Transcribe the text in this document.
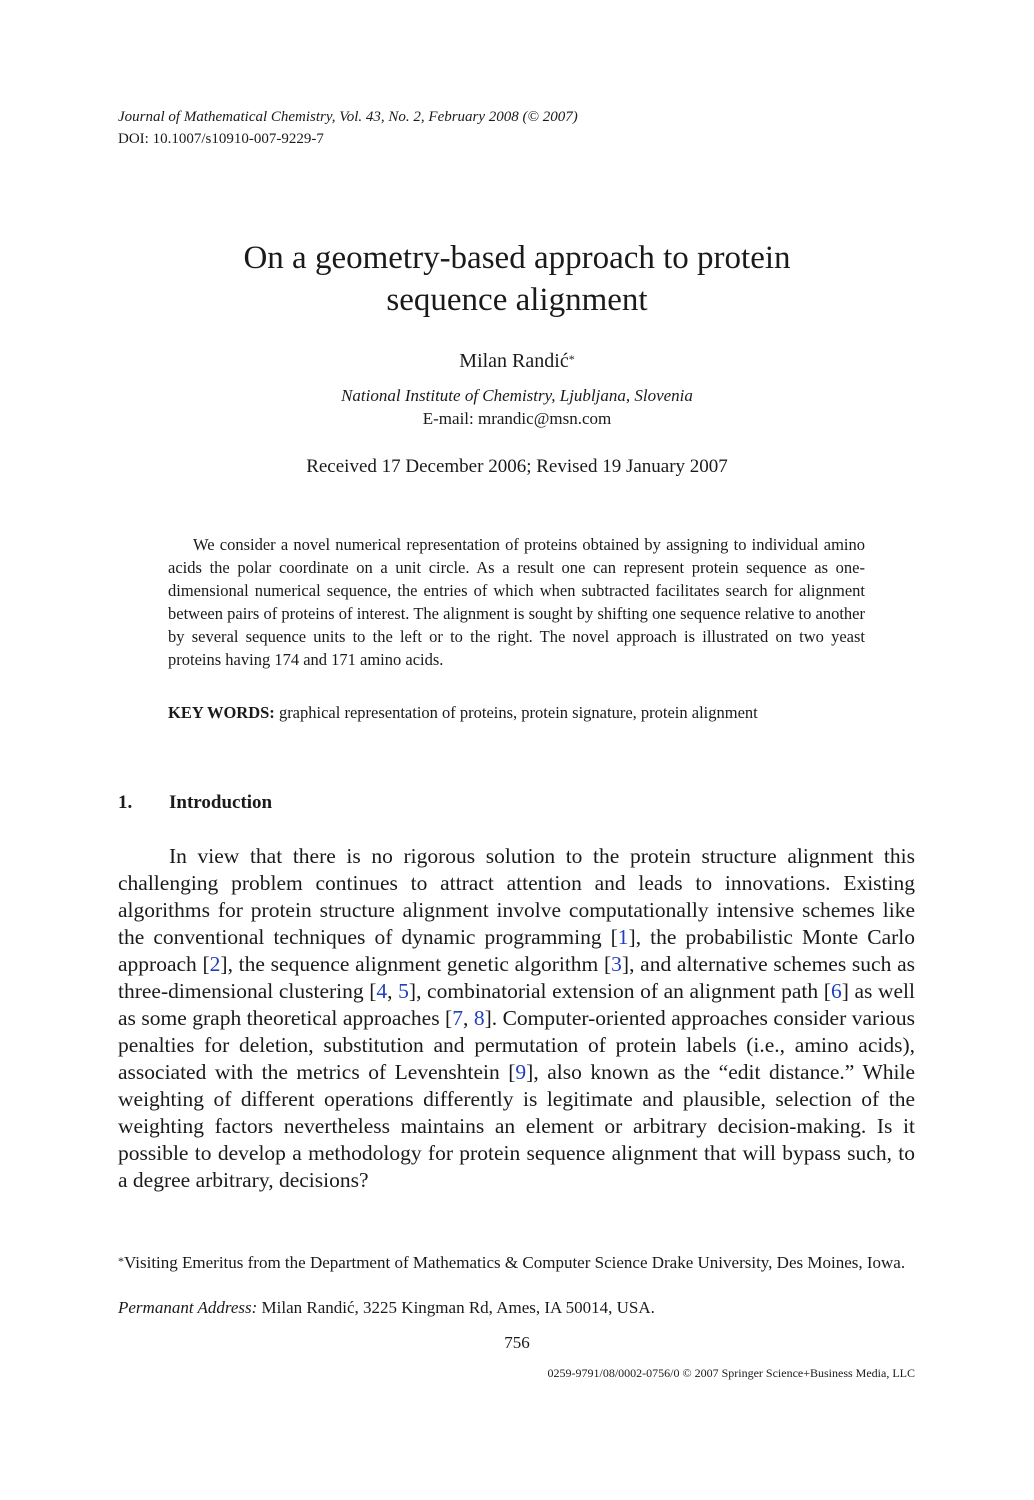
Journal of Mathematical Chemistry, Vol. 43, No. 2, February 2008 (© 2007)
DOI: 10.1007/s10910-007-9229-7
On a geometry-based approach to protein
sequence alignment
Milan Randić*
National Institute of Chemistry, Ljubljana, Slovenia
E-mail: mrandic@msn.com
Received 17 December 2006; Revised 19 January 2007

We consider a novel numerical representation of proteins obtained by assigning to individual amino acids the polar coordinate on a unit circle. As a result one can represent protein sequence as one-dimensional numerical sequence, the entries of which when subtracted facilitates search for alignment between pairs of proteins of interest. The alignment is sought by shifting one sequence relative to another by several sequence units to the left or to the right. The novel approach is illustrated on two yeast proteins having 174 and 171 amino acids.

KEY WORDS: graphical representation of proteins, protein signature, protein alignment

1. Introduction

In view that there is no rigorous solution to the protein structure alignment this challenging problem continues to attract attention and leads to innovations. Existing algorithms for protein structure alignment involve computationally intensive schemes like the conventional techniques of dynamic programming [1], the probabilistic Monte Carlo approach [2], the sequence alignment genetic algorithm [3], and alternative schemes such as three-dimensional clustering [4, 5], combinatorial extension of an alignment path [6] as well as some graph theoretical approaches [7, 8]. Computer-oriented approaches consider various penalties for deletion, substitution and permutation of protein labels (i.e., amino acids), associated with the metrics of Levenshtein [9], also known as the “edit distance.” While weighting of different operations differently is legitimate and plausible, selection of the weighting factors nevertheless maintains an element or arbitrary decision-making. Is it possible to develop a methodology for protein sequence alignment that will bypass such, to a degree arbitrary, decisions?

*Visiting Emeritus from the Department of Mathematics & Computer Science Drake University, Des Moines, Iowa.

Permanant Address: Milan Randić, 3225 Kingman Rd, Ames, IA 50014, USA.

756
0259-9791/08/0002-0756/0 © 2007 Springer Science+Business Media, LLC
